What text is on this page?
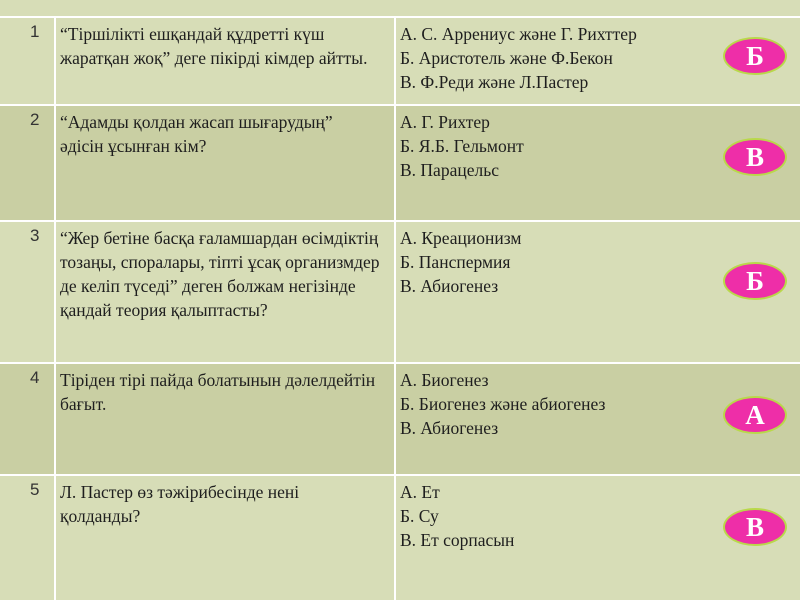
1 “Тіршілікті ешқандай құдретті күш жаратқан жоқ” деге пікірді кімдер айтты.
А. С. Аррениус және Г. Рихттер
Б. Аристотель және Ф.Бекон
В. Ф.Реди және Л.Пастер
2 “Адамды қолдан жасап шығарудың” әдісін ұсынған кім?
А. Г. Рихтер
Б. Я.Б. Гельмонт
В. Парацельс
3 “Жер бетіне басқа ғаламшардан өсімдіктің тозаңы, споралары, тіпті ұсақ организмдер де келіп түседі” деген болжам негізінде қандай теория қалыптасты?
А. Креационизм
Б. Панспермия
В. Абиогенез
4 Тіріден тірі пайда болатынын дәлелдейтін бағыт.
А. Биогенез
Б. Биогенез және абиогенез
В. Абиогенез
5 Л. Пастер өз тәжірибесінде нені қолданды?
А. Ет
Б. Су
В. Ет сорпасын
Б
В
Б
А
В
